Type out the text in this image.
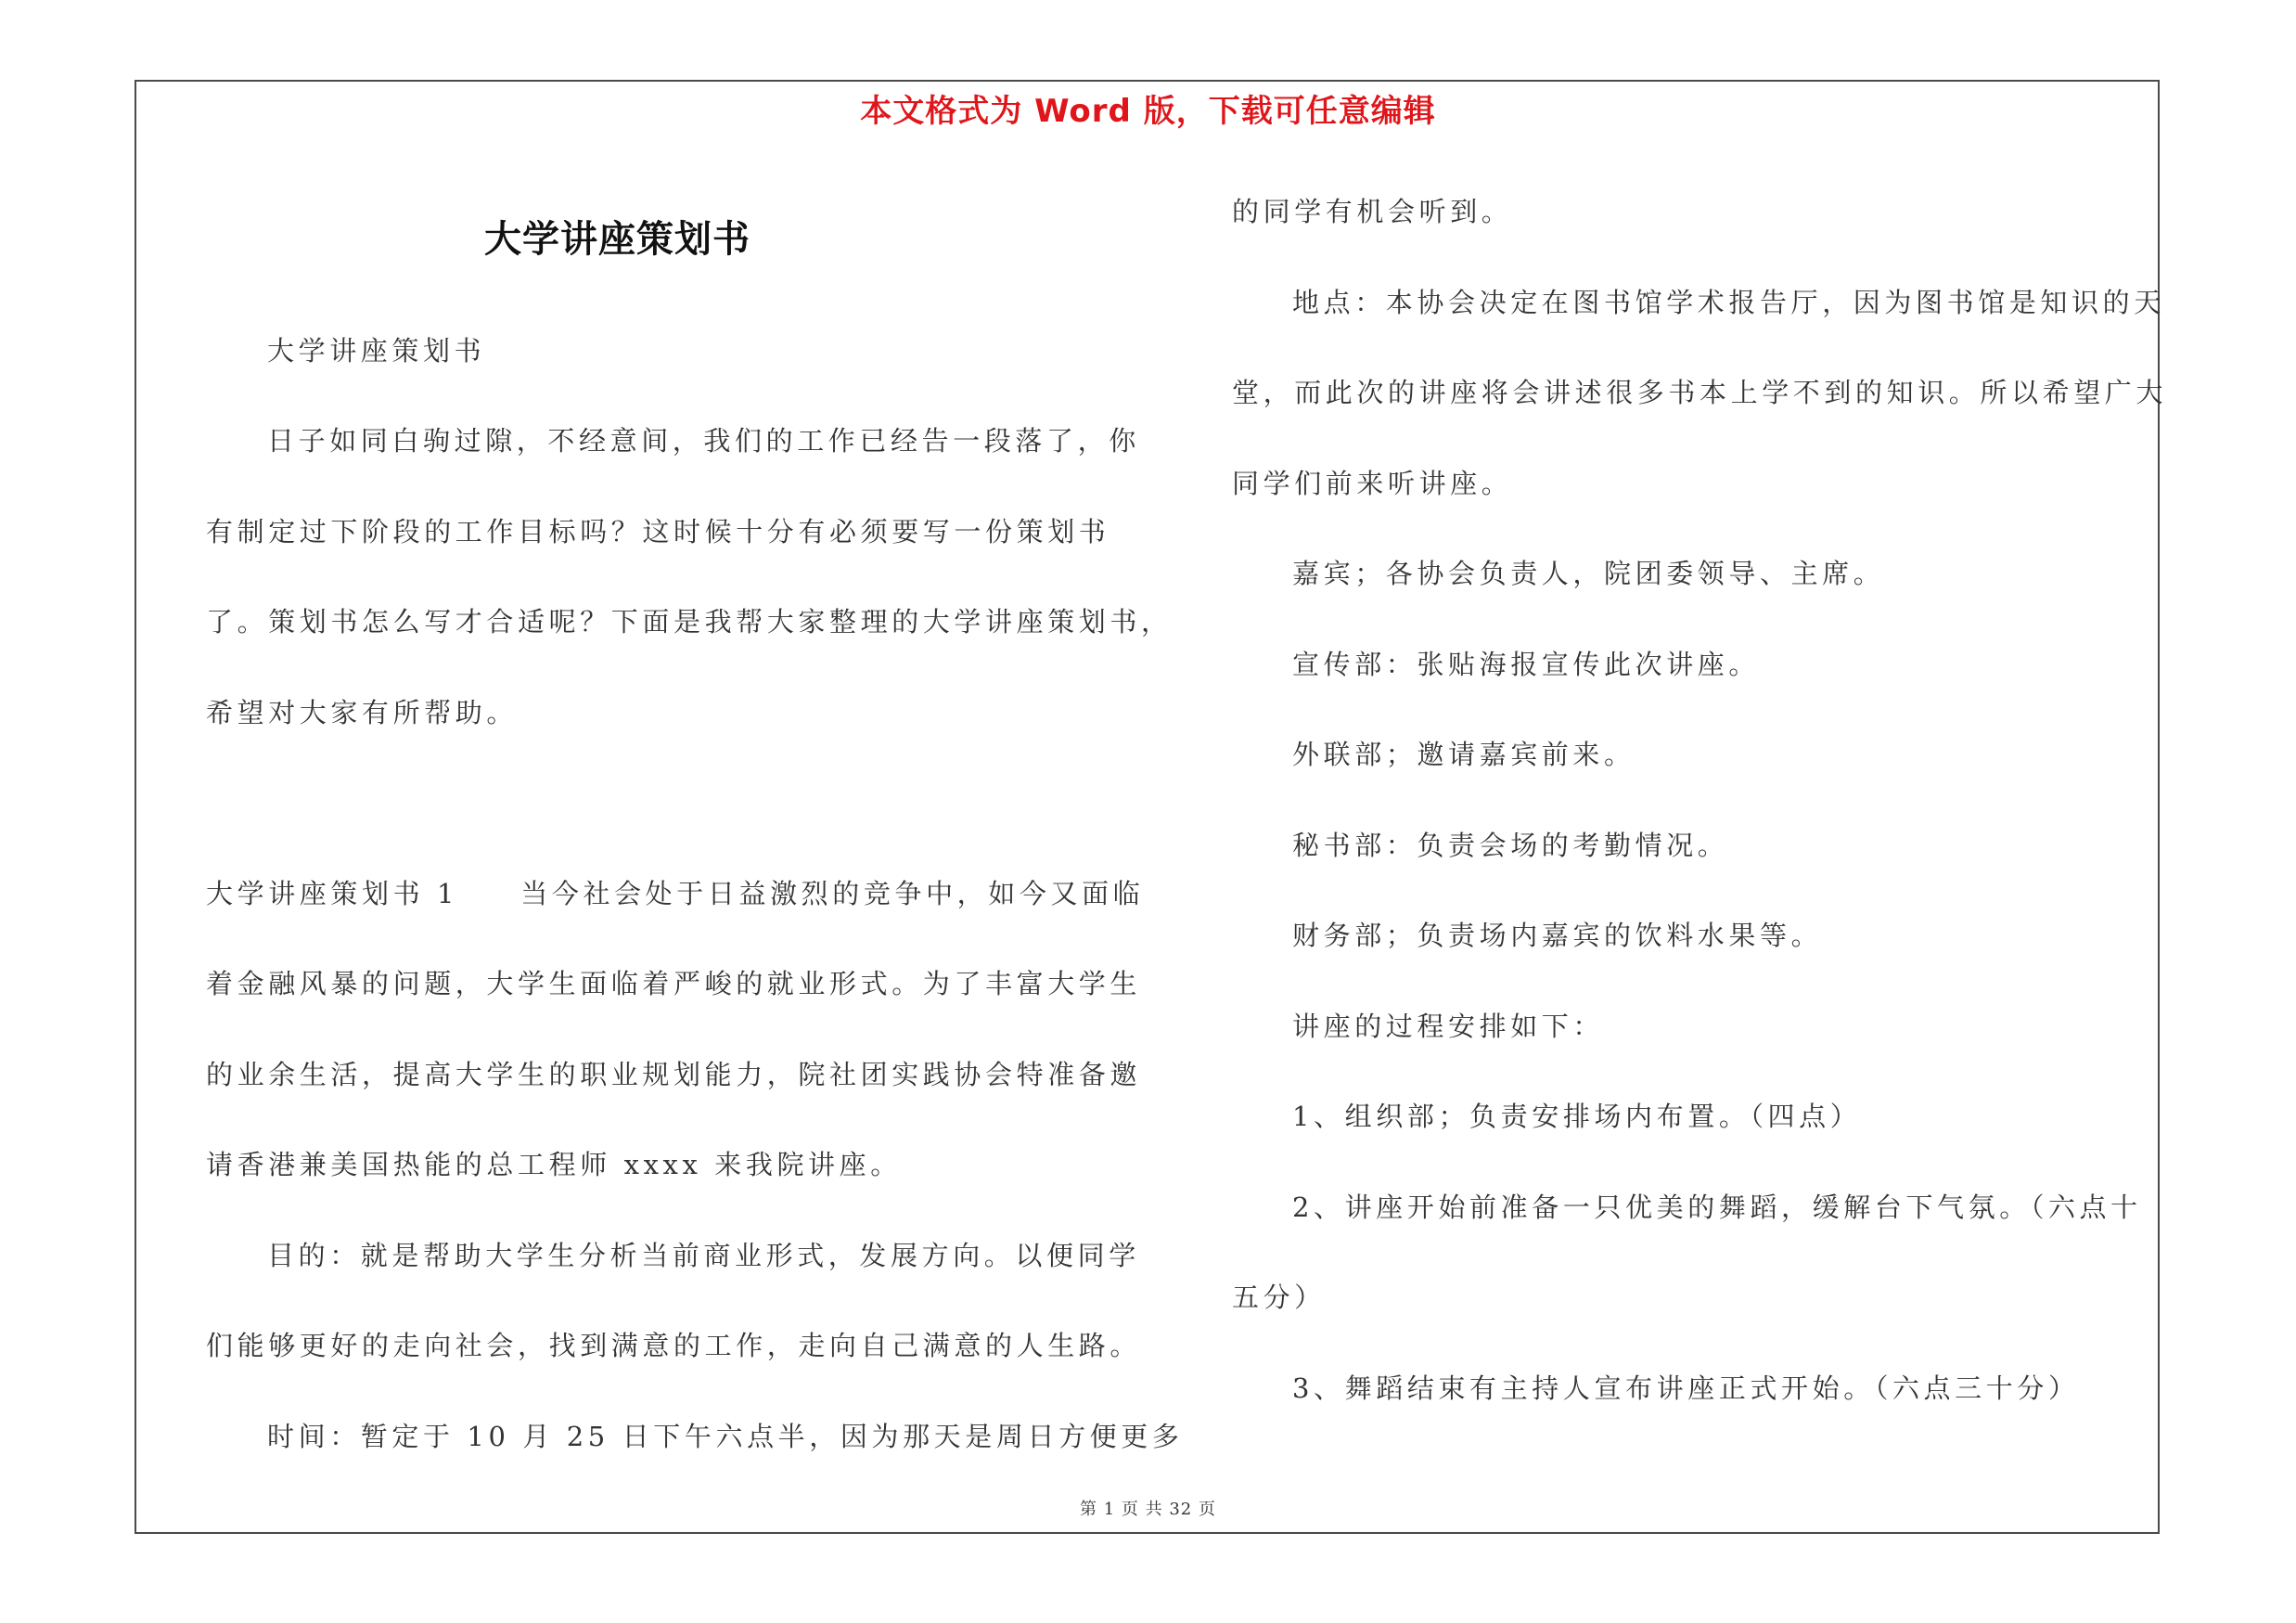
本文格式为 Word 版，下载可任意编辑
大学讲座策划书
大学讲座策划书
日子如同白驹过隙，不经意间，我们的工作已经告一段落了，你
有制定过下阶段的工作目标吗？这时候十分有必须要写一份策划书
了。策划书怎么写才合适呢？下面是我帮大家整理的大学讲座策划书，
希望对大家有所帮助。
大学讲座策划书 1　　当今社会处于日益激烈的竞争中，如今又面临
着金融风暴的问题，大学生面临着严峻的就业形式。为了丰富大学生
的业余生活，提高大学生的职业规划能力，院社团实践协会特准备邀
请香港兼美国热能的总工程师 xxxx 来我院讲座。
目的：就是帮助大学生分析当前商业形式，发展方向。以便同学
们能够更好的走向社会，找到满意的工作，走向自己满意的人生路。
时间：暂定于 10 月 25 日下午六点半，因为那天是周日方便更多
的同学有机会听到。
地点：本协会决定在图书馆学术报告厅，因为图书馆是知识的天
堂，而此次的讲座将会讲述很多书本上学不到的知识。所以希望广大
同学们前来听讲座。
嘉宾；各协会负责人，院团委领导、主席。
宣传部：张贴海报宣传此次讲座。
外联部；邀请嘉宾前来。
秘书部：负责会场的考勤情况。
财务部；负责场内嘉宾的饮料水果等。
讲座的过程安排如下：
1、组织部；负责安排场内布置。（四点）
2、讲座开始前准备一只优美的舞蹈，缓解台下气氛。（六点十
五分）
3、舞蹈结束有主持人宣布讲座正式开始。（六点三十分）
第 1 页 共 32 页
